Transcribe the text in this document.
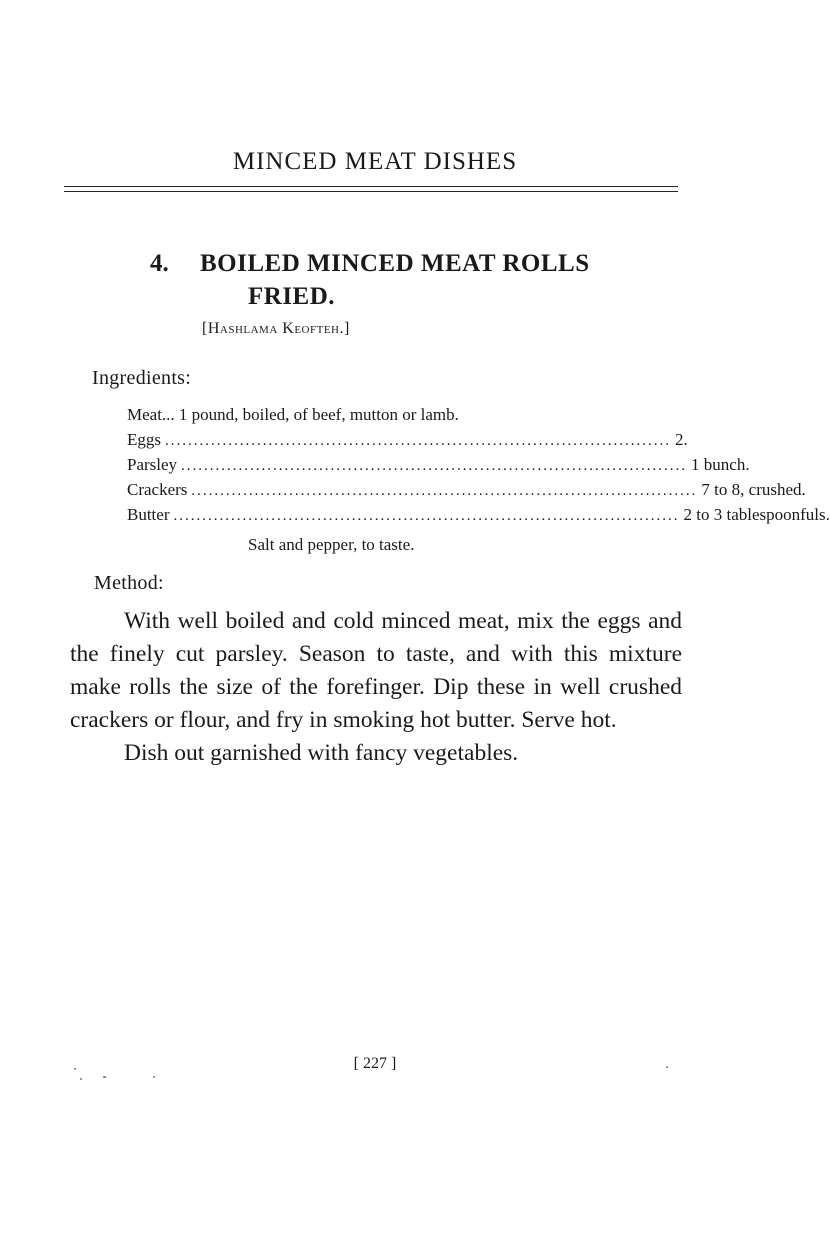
MINCED MEAT DISHES
4. BOILED MINCED MEAT ROLLS
FRIED.
[Hashlama Keofteh.]
Ingredients:
Meat... 1 pound, boiled, of beef, mutton or lamb.
Eggs ........................................................................................ 2.
Parsley ........................................................................................ 1 bunch.
Crackers ........................................................................................ 7 to 8, crushed.
Butter ........................................................................................ 2 to 3 tablespoonfuls.
Salt and pepper, to taste.
Method:

With well boiled and cold minced meat, mix the eggs and the finely cut parsley. Season to taste, and with this mixture make rolls the size of the forefinger. Dip these in well crushed crackers or flour, and fry in smoking hot butter. Serve hot.

Dish out garnished with fancy vegetables.

[ 227 ]
